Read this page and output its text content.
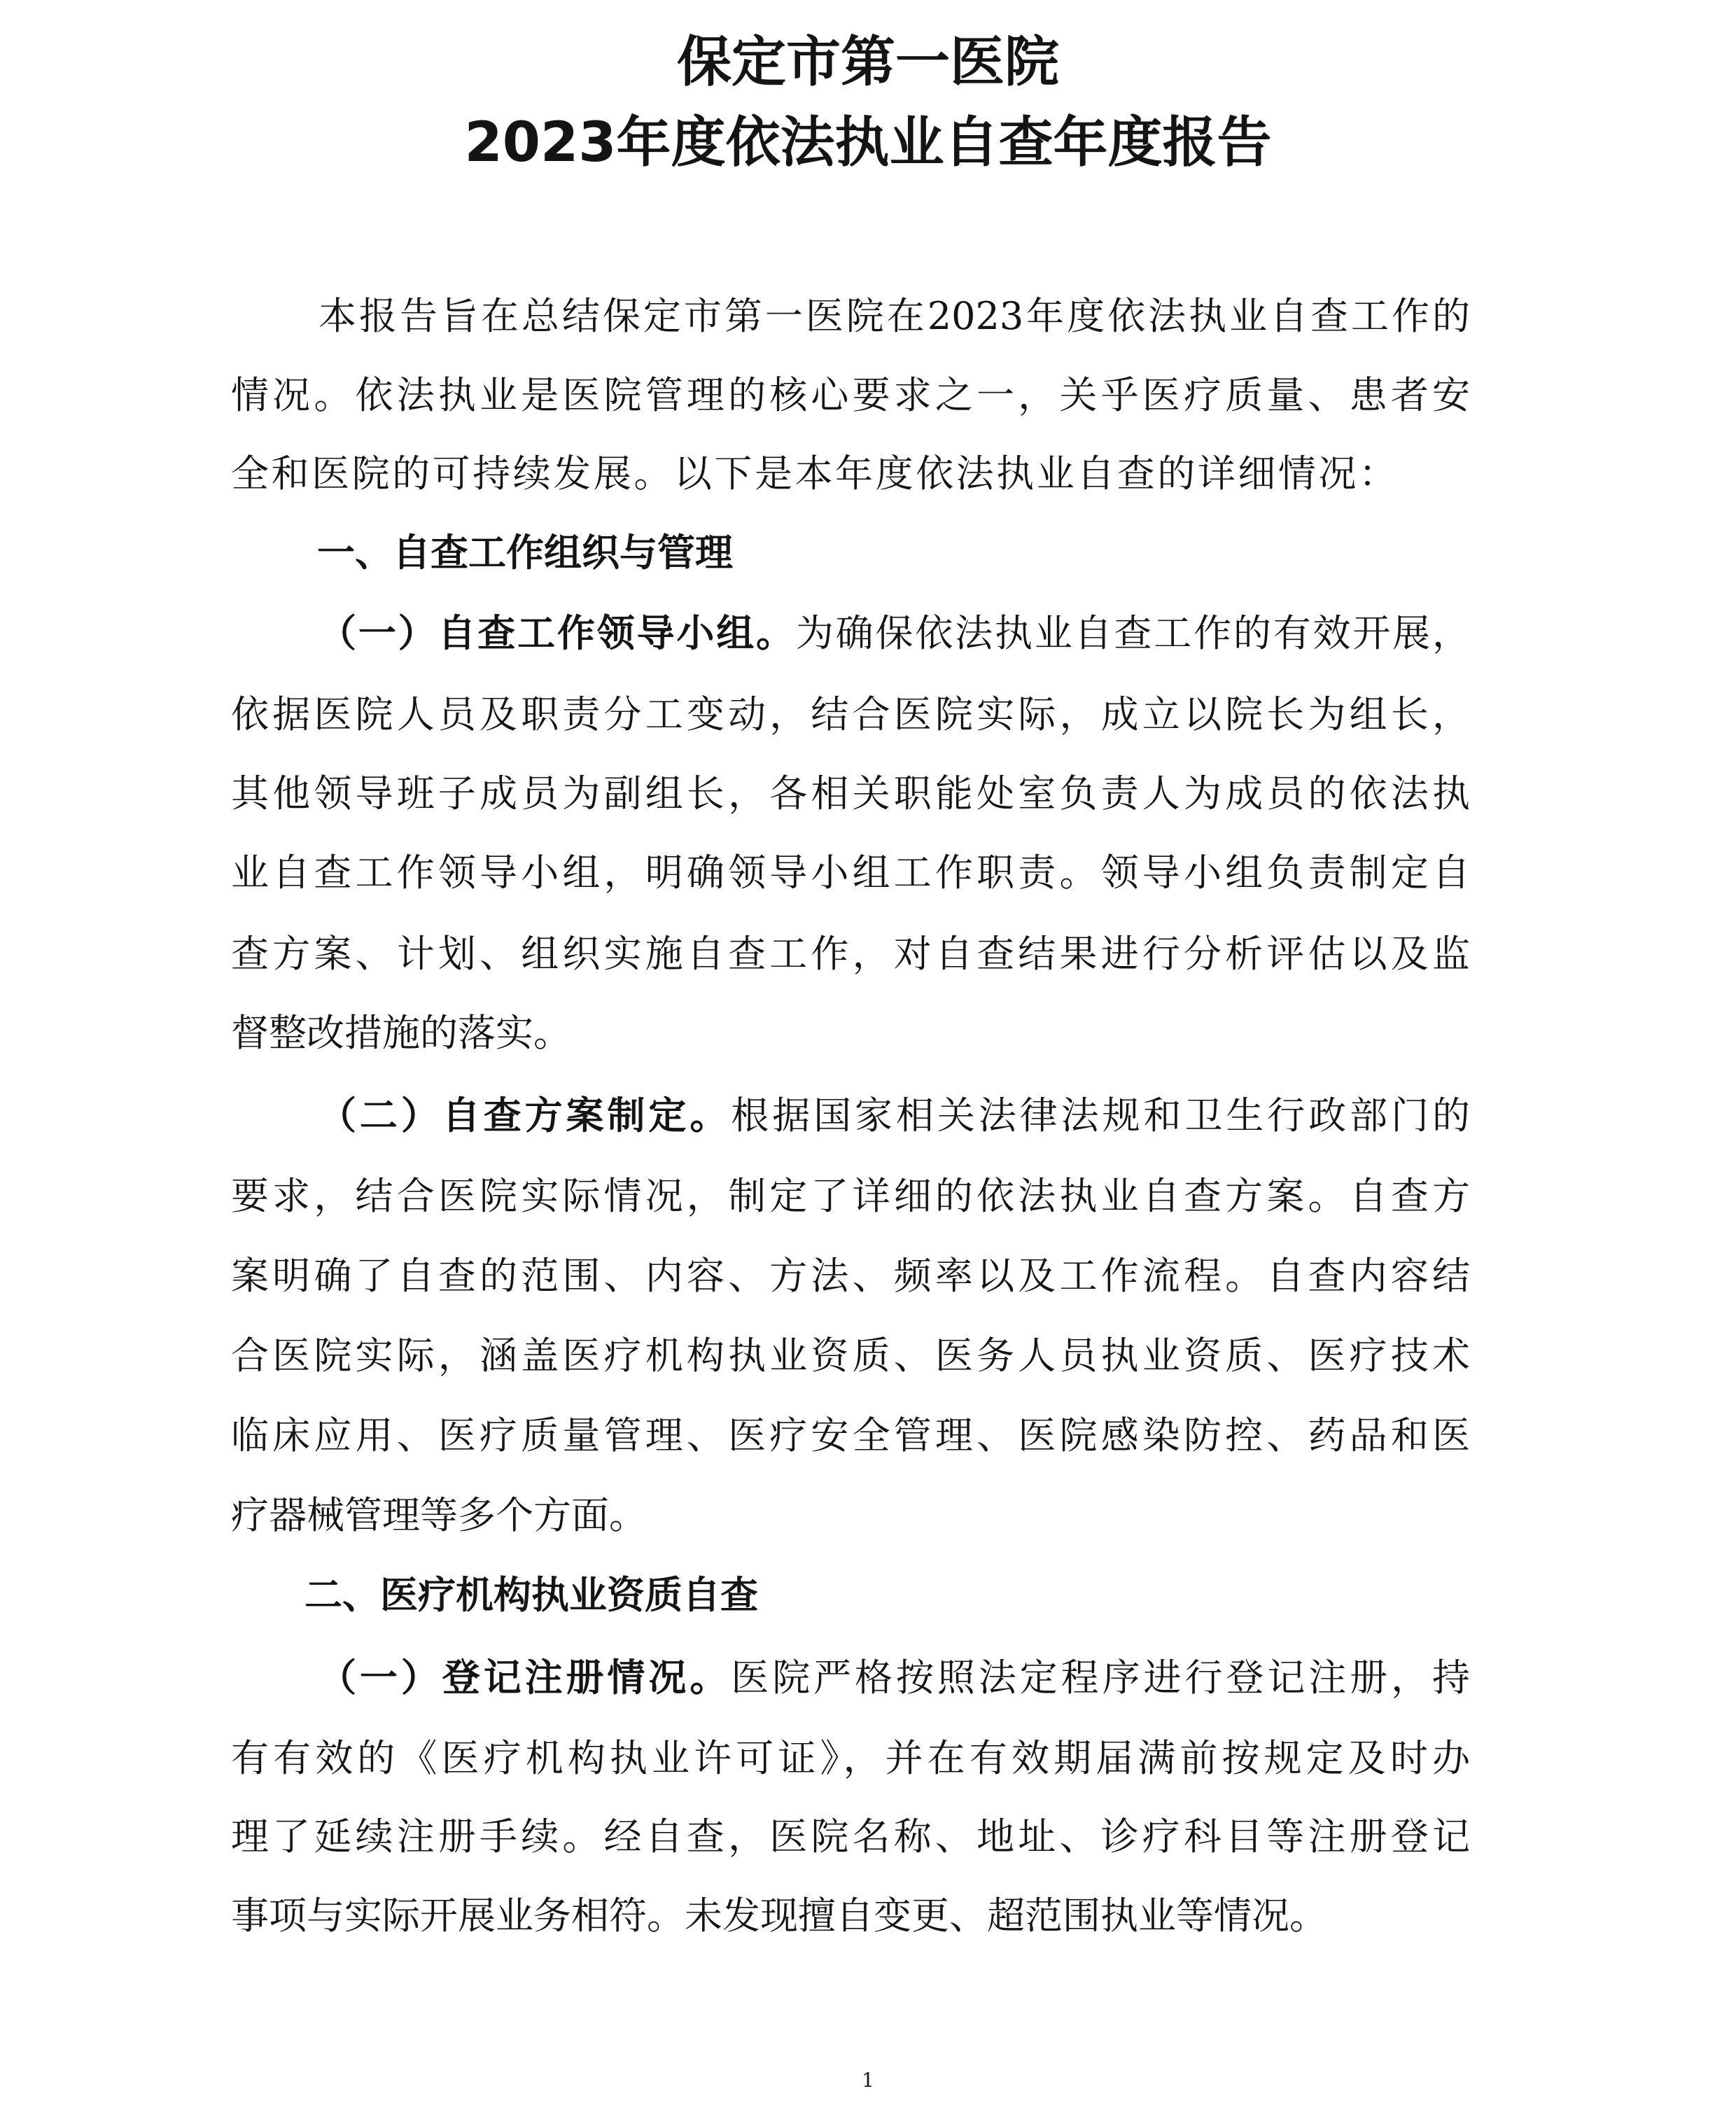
保定市第一医院
2023年度依法执业自查年度报告

本报告旨在总结保定市第一医院在2023年度依法执业自查工作的

情况。依法执业是医院管理的核心要求之一，关乎医疗质量、患者安

全和医院的可持续发展。以下是本年度依法执业自查的详细情况：

一、自查工作组织与管理

（一）自查工作领导小组。为确保依法执业自查工作的有效开展，

依据医院人员及职责分工变动，结合医院实际，成立以院长为组长，

其他领导班子成员为副组长，各相关职能处室负责人为成员的依法执

业自查工作领导小组，明确领导小组工作职责。领导小组负责制定自

查方案、计划、组织实施自查工作，对自查结果进行分析评估以及监

督整改措施的落实。

（二）自查方案制定。根据国家相关法律法规和卫生行政部门的

要求，结合医院实际情况，制定了详细的依法执业自查方案。自查方

案明确了自查的范围、内容、方法、频率以及工作流程。自查内容结

合医院实际，涵盖医疗机构执业资质、医务人员执业资质、医疗技术

临床应用、医疗质量管理、医疗安全管理、医院感染防控、药品和医

疗器械管理等多个方面。

二、医疗机构执业资质自查

（一）登记注册情况。医院严格按照法定程序进行登记注册，持

有有效的《医疗机构执业许可证》，并在有效期届满前按规定及时办

理了延续注册手续。经自查，医院名称、地址、诊疗科目等注册登记

事项与实际开展业务相符。未发现擅自变更、超范围执业等情况。

1
